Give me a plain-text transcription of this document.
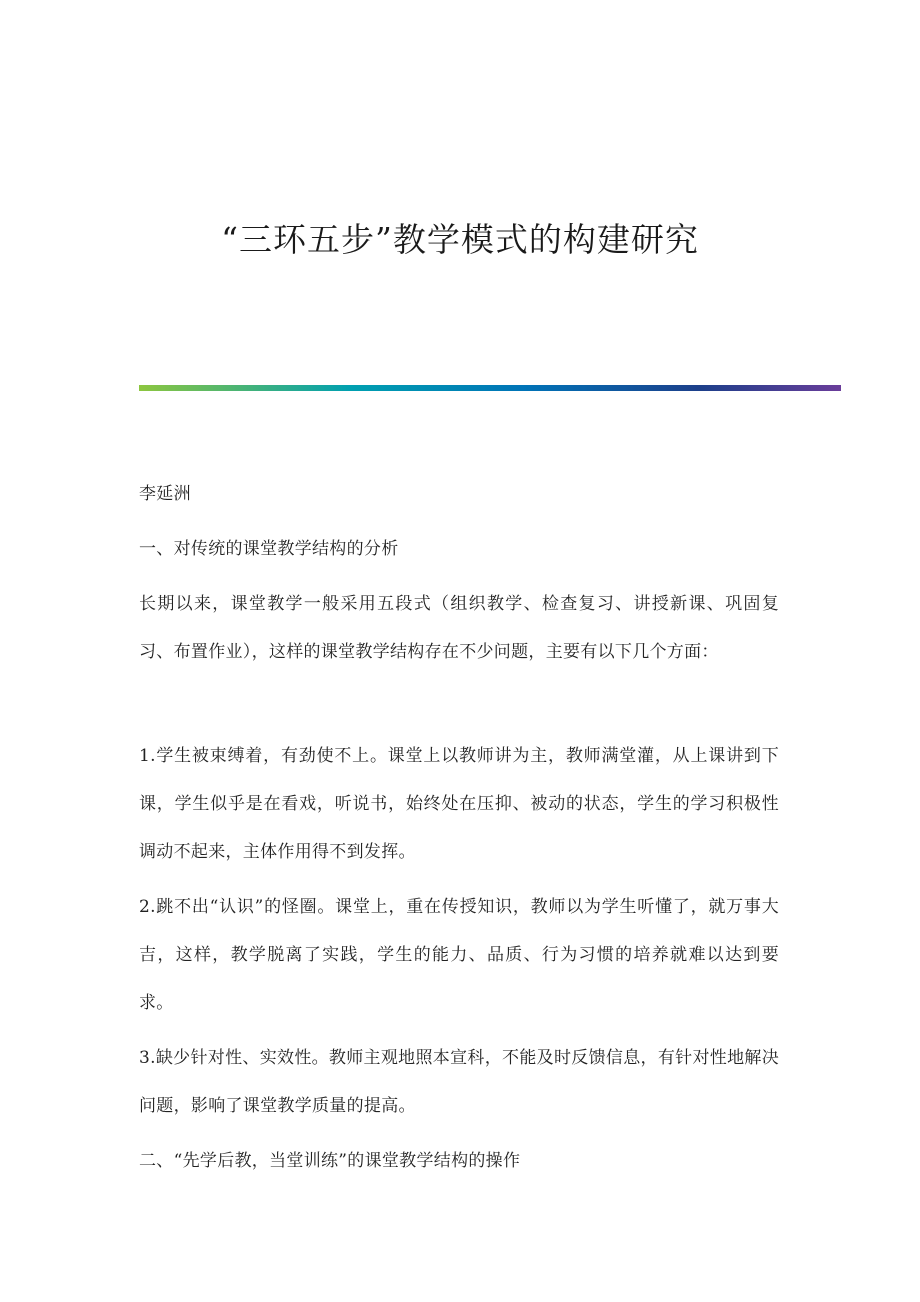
“三环五步”教学模式的构建研究

李延洲

一、对传统的课堂教学结构的分析

长期以来，课堂教学一般采用五段式（组织教学、检查复习、讲授新课、巩固复习、布置作业），这样的课堂教学结构存在不少问题，主要有以下几个方面：

1.学生被束缚着，有劲使不上。课堂上以教师讲为主，教师满堂灌，从上课讲到下课，学生似乎是在看戏，听说书，始终处在压抑、被动的状态，学生的学习积极性调动不起来，主体作用得不到发挥。

2.跳不出“认识”的怪圈。课堂上，重在传授知识，教师以为学生听懂了，就万事大吉，这样，教学脱离了实践，学生的能力、品质、行为习惯的培养就难以达到要求。

3.缺少针对性、实效性。教师主观地照本宣科，不能及时反馈信息，有针对性地解决问题，影响了课堂教学质量的提高。

二、“先学后教，当堂训练”的课堂教学结构的操作
